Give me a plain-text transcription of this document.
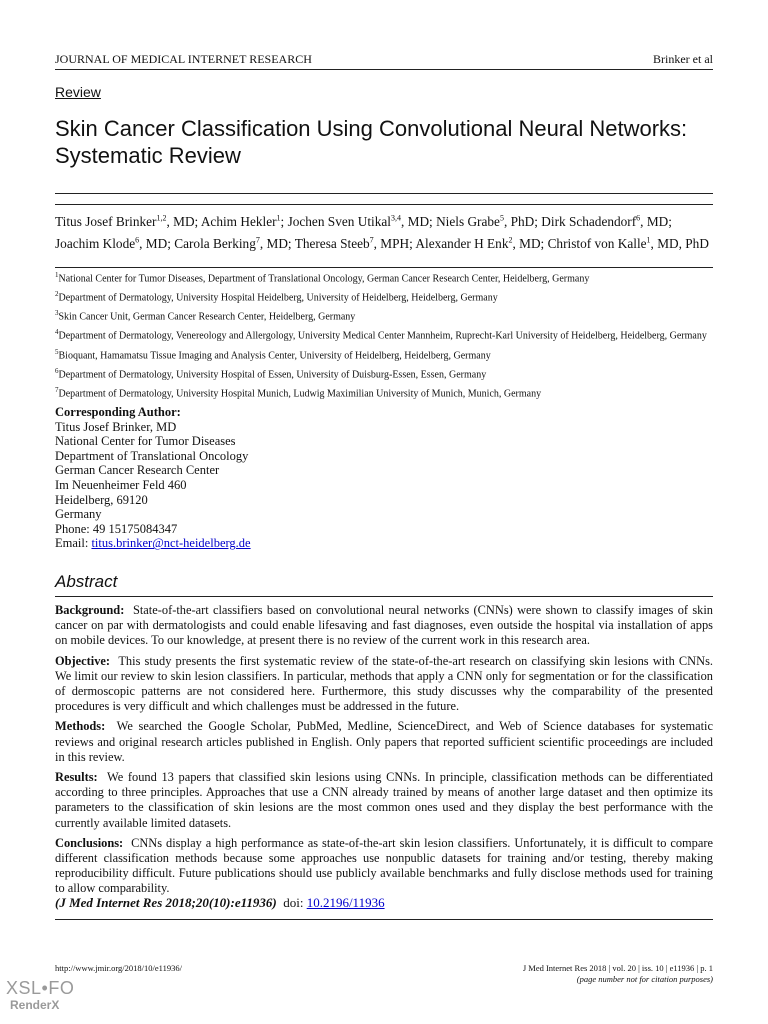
JOURNAL OF MEDICAL INTERNET RESEARCH	Brinker et al
Review
Skin Cancer Classification Using Convolutional Neural Networks:
Systematic Review
Titus Josef Brinker$^{1,2}$, MD; Achim Hekler$^1$; Jochen Sven Utikal$^{3,4}$, MD; Niels Grabe$^5$, PhD; Dirk Schadendorf$^6$, MD; Joachim Klode$^6$, MD; Carola Berking$^7$, MD; Theresa Steeb$^7$, MPH; Alexander H Enk$^2$, MD; Christof von Kalle$^1$, MD, PhD
$^1$National Center for Tumor Diseases, Department of Translational Oncology, German Cancer Research Center, Heidelberg, Germany
$^2$Department of Dermatology, University Hospital Heidelberg, University of Heidelberg, Heidelberg, Germany
$^3$Skin Cancer Unit, German Cancer Research Center, Heidelberg, Germany
$^4$Department of Dermatology, Venereology and Allergology, University Medical Center Mannheim, Ruprecht-Karl University of Heidelberg, Heidelberg, Germany
$^5$Bioquant, Hamamatsu Tissue Imaging and Analysis Center, University of Heidelberg, Heidelberg, Germany
$^6$Department of Dermatology, University Hospital of Essen, University of Duisburg-Essen, Essen, Germany
$^7$Department of Dermatology, University Hospital Munich, Ludwig Maximilian University of Munich, Munich, Germany
Corresponding Author:
Titus Josef Brinker, MD
National Center for Tumor Diseases
Department of Translational Oncology
German Cancer Research Center
Im Neuenheimer Feld 460
Heidelberg, 69120
Germany
Phone: 49 15175084347
Email: titus.brinker@nct-heidelberg.de
Abstract

Background: State-of-the-art classifiers based on convolutional neural networks (CNNs) were shown to classify images of skin cancer on par with dermatologists and could enable lifesaving and fast diagnoses, even outside the hospital via installation of apps on mobile devices. To our knowledge, at present there is no review of the current work in this research area.

Objective: This study presents the first systematic review of the state-of-the-art research on classifying skin lesions with CNNs. We limit our review to skin lesion classifiers. In particular, methods that apply a CNN only for segmentation or for the classification of dermoscopic patterns are not considered here. Furthermore, this study discusses why the comparability of the presented procedures is very difficult and which challenges must be addressed in the future.

Methods: We searched the Google Scholar, PubMed, Medline, ScienceDirect, and Web of Science databases for systematic reviews and original research articles published in English. Only papers that reported sufficient scientific proceedings are included in this review.

Results: We found 13 papers that classified skin lesions using CNNs. In principle, classification methods can be differentiated according to three principles. Approaches that use a CNN already trained by means of another large dataset and then optimize its parameters to the classification of skin lesions are the most common ones used and they display the best performance with the currently available limited datasets.

Conclusions: CNNs display a high performance as state-of-the-art skin lesion classifiers. Unfortunately, it is difficult to compare different classification methods because some approaches use nonpublic datasets for training and/or testing, thereby making reproducibility difficult. Future publications should use publicly available benchmarks and fully disclose methods used for training to allow comparability.

(J Med Internet Res 2018;20(10):e11936) doi: 10.2196/11936
http://www.jmir.org/2018/10/e11936/	J Med Internet Res 2018 | vol. 20 | iss. 10 | e11936 | p. 1
(page number not for citation purposes)
XSL•FO
RenderX
